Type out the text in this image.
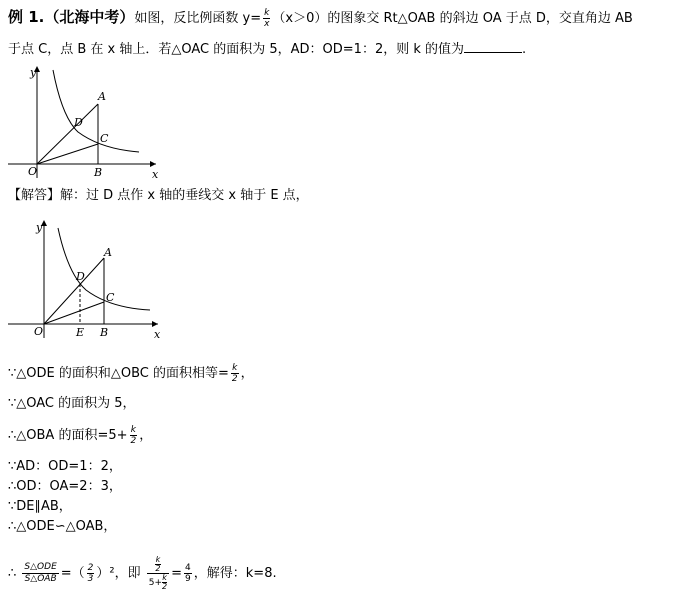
例 1.（北海中考）如图，反比例函数 $y= \frac{k}{x} (x>0)$的图象交 Rt△OAB 的斜边 OA 于点 D，交直角边 AB
于点 C，点 B 在 x 轴上．若△OAC 的面积为 5，AD：OD=1：2，则 k 的值为	.
y
x
O
A
D
C
B
【解答】解：过 D 点作 x 轴的垂线交 x 轴于 E 点，
y
x
O
A
D
C
E B
∵△ODE 的面积和△OBC 的面积相等= $\frac{k}{2}$ ，
∵△OAC 的面积为 5，
∴△OBA 的面积$=5+ \frac{k}{2}$ ，
∵AD：OD=1：2，
∴OD：OA=2：3，
∵DE∥AB，
∴△ODE∽△OAB，
∴ $\frac{\text{S△ODE}}{\text{S△OAB}}$ =（ $\frac{2}{3} )^2$，即 $\frac{\frac{k}{2}}{5+ \frac{k}{2}} = \frac{4}{9}$ ，解得：k=8.
